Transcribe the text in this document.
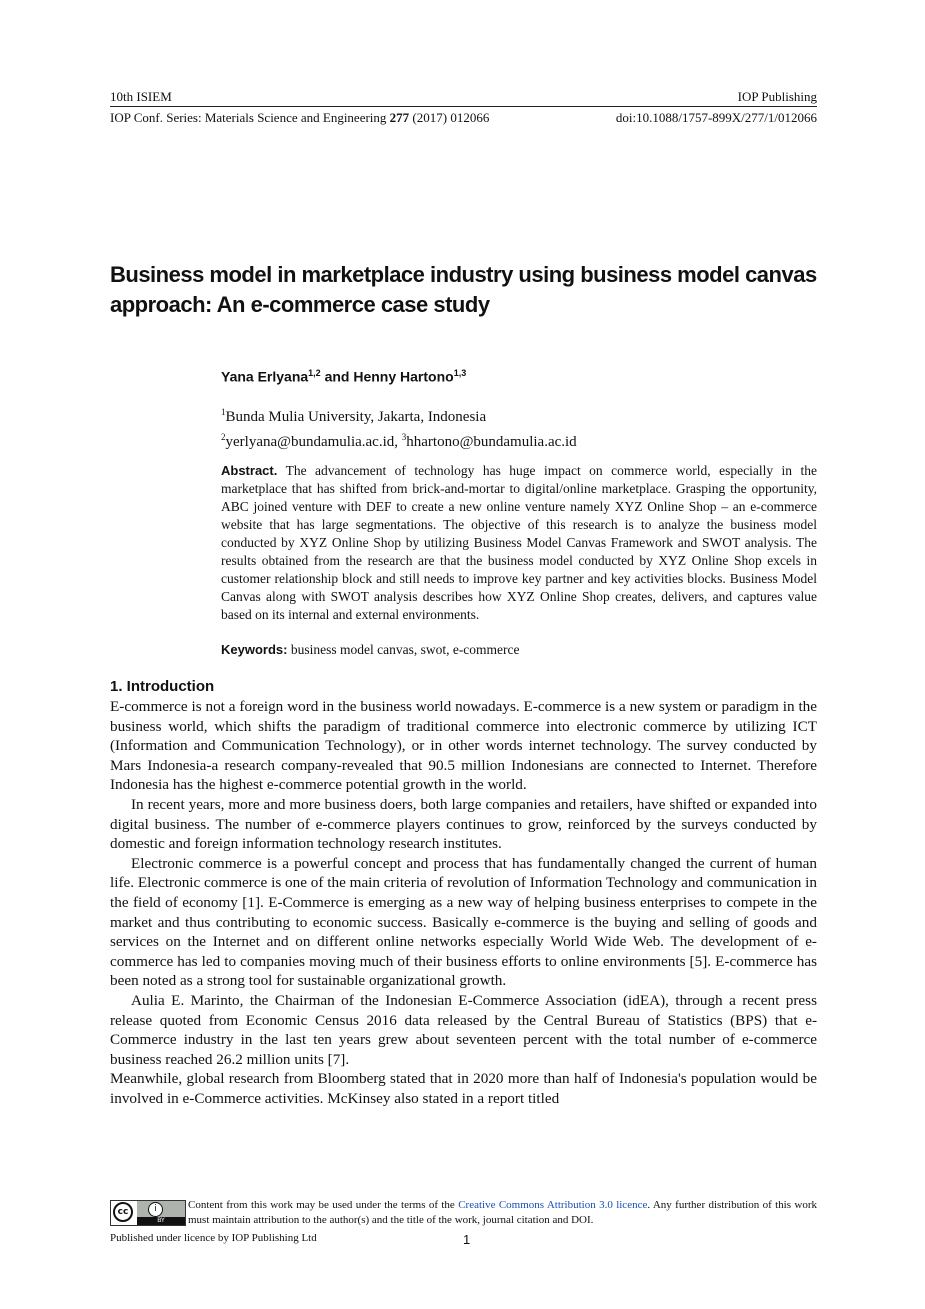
10th ISIEM	IOP Publishing
IOP Conf. Series: Materials Science and Engineering 277 (2017) 012066	doi:10.1088/1757-899X/277/1/012066
Business model in marketplace industry using business model canvas approach: An e-commerce case study
Yana Erlyana$^{1,2}$ and Henny Hartono$^{1,3}$
$^1$Bunda Mulia University, Jakarta, Indonesia
$^2$yerlyana@bundamulia.ac.id, $^3$hhartono@bundamulia.ac.id
Abstract. The advancement of technology has huge impact on commerce world, especially in the marketplace that has shifted from brick-and-mortar to digital/online marketplace. Grasping the opportunity, ABC joined venture with DEF to create a new online venture namely XYZ Online Shop – an e-commerce website that has large segmentations. The objective of this research is to analyze the business model conducted by XYZ Online Shop by utilizing Business Model Canvas Framework and SWOT analysis. The results obtained from the research are that the business model conducted by XYZ Online Shop excels in customer relationship block and still needs to improve key partner and key activities blocks. Business Model Canvas along with SWOT analysis describes how XYZ Online Shop creates, delivers, and captures value based on its internal and external environments.
Keywords: business model canvas, swot, e-commerce
1. Introduction

E-commerce is not a foreign word in the business world nowadays. E-commerce is a new system or paradigm in the business world, which shifts the paradigm of traditional commerce into electronic commerce by utilizing ICT (Information and Communication Technology), or in other words internet technology. The survey conducted by Mars Indonesia-a research company-revealed that 90.5 million Indonesians are connected to Internet. Therefore Indonesia has the highest e-commerce potential growth in the world.

In recent years, more and more business doers, both large companies and retailers, have shifted or expanded into digital business. The number of e-commerce players continues to grow, reinforced by the surveys conducted by domestic and foreign information technology research institutes.

Electronic commerce is a powerful concept and process that has fundamentally changed the current of human life. Electronic commerce is one of the main criteria of revolution of Information Technology and communication in the field of economy [1]. E-Commerce is emerging as a new way of helping business enterprises to compete in the market and thus contributing to economic success. Basically e-commerce is the buying and selling of goods and services on the Internet and on different online networks especially World Wide Web. The development of e-commerce has led to companies moving much of their business efforts to online environments [5]. E-commerce has been noted as a strong tool for sustainable organizational growth.

Aulia E. Marinto, the Chairman of the Indonesian E-Commerce Association (idEA), through a recent press release quoted from Economic Census 2016 data released by the Central Bureau of Statistics (BPS) that e-Commerce industry in the last ten years grew about seventeen percent with the total number of e-commerce business reached 26.2 million units [7].

Meanwhile, global research from Bloomberg stated that in 2020 more than half of Indonesia's population would be involved in e-Commerce activities. McKinsey also stated in a report titled

cc	i
BY
Content from this work may be used under the terms of the Creative Commons Attribution 3.0 licence. Any further distribution of this work must maintain attribution to the author(s) and the title of the work, journal citation and DOI.
Published under licence by IOP Publishing Ltd	1
